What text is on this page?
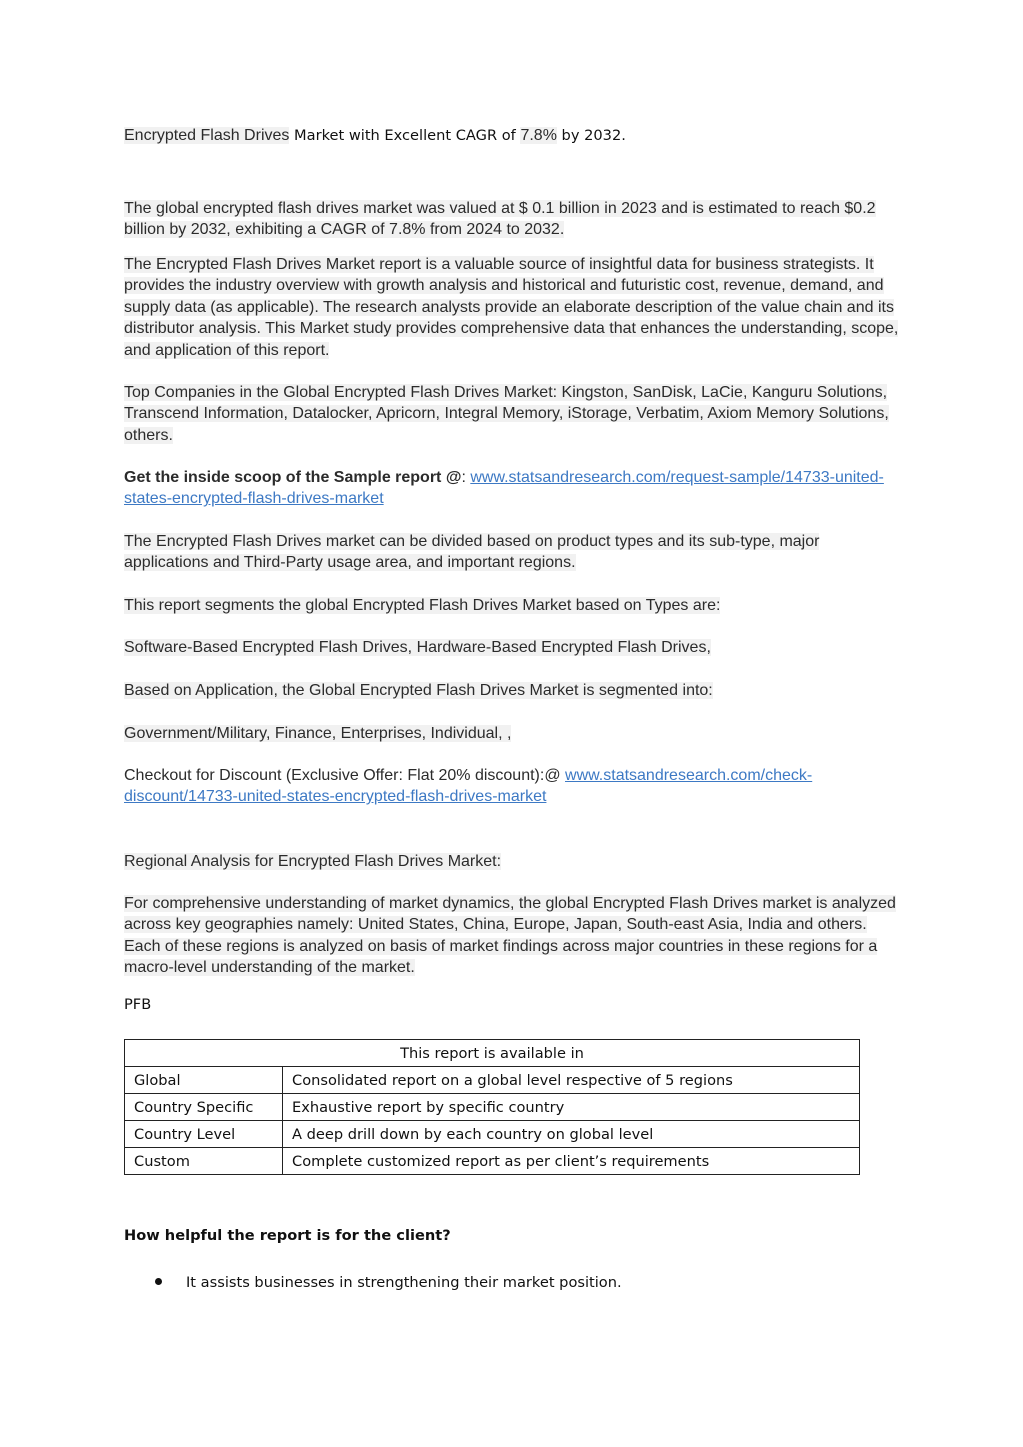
Encrypted Flash Drives Market with Excellent CAGR of 7.8% by 2032.
The global encrypted flash drives market was valued at $ 0.1 billion in 2023 and is estimated to reach $0.2 billion by 2032, exhibiting a CAGR of 7.8% from 2024 to 2032.
The Encrypted Flash Drives Market report is a valuable source of insightful data for business strategists. It provides the industry overview with growth analysis and historical and futuristic cost, revenue, demand, and supply data (as applicable). The research analysts provide an elaborate description of the value chain and its distributor analysis. This Market study provides comprehensive data that enhances the understanding, scope, and application of this report.
Top Companies in the Global Encrypted Flash Drives Market: Kingston, SanDisk, LaCie, Kanguru Solutions, Transcend Information, Datalocker, Apricorn, Integral Memory, iStorage, Verbatim, Axiom Memory Solutions, others.
Get the inside scoop of the Sample report @: www.statsandresearch.com/request-sample/14733-united-states-encrypted-flash-drives-market
The Encrypted Flash Drives market can be divided based on product types and its sub-type, major applications and Third-Party usage area, and important regions.
This report segments the global Encrypted Flash Drives Market based on Types are:
Software-Based Encrypted Flash Drives, Hardware-Based Encrypted Flash Drives,
Based on Application, the Global Encrypted Flash Drives Market is segmented into:
Government/Military, Finance, Enterprises, Individual, ,
Checkout for Discount (Exclusive Offer: Flat 20% discount):@ www.statsandresearch.com/check-discount/14733-united-states-encrypted-flash-drives-market
Regional Analysis for Encrypted Flash Drives Market:
For comprehensive understanding of market dynamics, the global Encrypted Flash Drives market is analyzed across key geographies namely: United States, China, Europe, Japan, South-east Asia, India and others. Each of these regions is analyzed on basis of market findings across major countries in these regions for a macro-level understanding of the market.
PFB
This report is available in	
Global	Consolidated report on a global level respective of 5 regions
Country Specific	Exhaustive report by specific country
Country Level	A deep drill down by each country on global level
Custom	Complete customized report as per client’s requirements
How helpful the report is for the client?
It assists businesses in strengthening their market position.
